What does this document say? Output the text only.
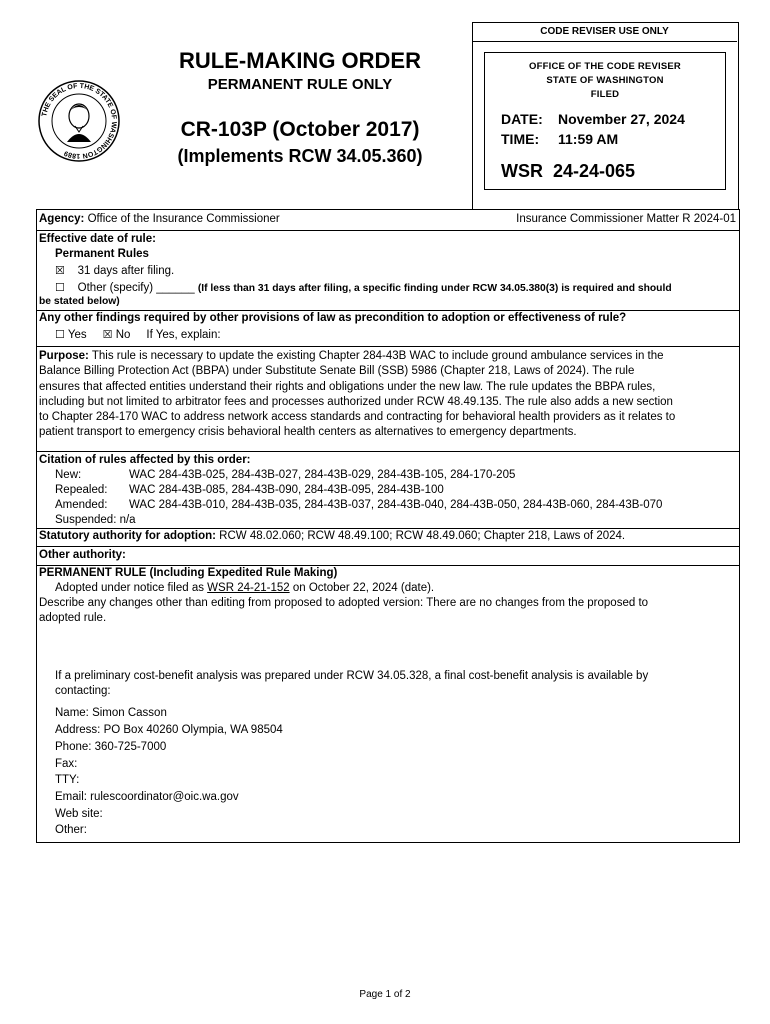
CODE REVISER USE ONLY
OFFICE OF THE CODE REVISER
STATE OF WASHINGTON
FILED
DATE: November 27, 2024
TIME: 11:59 AM
WSR  24-24-065
THE SEAL OF THE STATE OF WASHINGTON 1889
RULE-MAKING ORDER
PERMANENT RULE ONLY
CR-103P (October 2017)
(Implements RCW 34.05.360)
Agency: Office of the Insurance Commissioner	Insurance Commissioner Matter R 2024-01
Effective date of rule:
Permanent Rules
☒ 31 days after filing.
☐ Other (specify) ______ (If less than 31 days after filing, a specific finding under RCW 34.05.380(3) is required and should
be stated below)
Any other findings required by other provisions of law as precondition to adoption or effectiveness of rule?
☐ Yes ☒ No If Yes, explain:
Purpose: This rule is necessary to update the existing Chapter 284-43B WAC to include ground ambulance services in the
Balance Billing Protection Act (BBPA) under Substitute Senate Bill (SSB) 5986 (Chapter 218, Laws of 2024). The rule
ensures that affected entities understand their rights and obligations under the new law. The rule updates the BBPA rules,
including but not limited to arbitrator fees and processes authorized under RCW 48.49.135. The rule also adds a new section
to Chapter 284-170 WAC to address network access standards and contracting for behavioral health providers as it relates to
patient transport to emergency crisis behavioral health centers as alternatives to emergency departments.
Citation of rules affected by this order:
New:	WAC 284-43B-025, 284-43B-027, 284-43B-029, 284-43B-105, 284-170-205
Repealed: WAC 284-43B-085, 284-43B-090, 284-43B-095, 284-43B-100
Amended: WAC 284-43B-010, 284-43B-035, 284-43B-037, 284-43B-040, 284-43B-050, 284-43B-060, 284-43B-070
Suspended: n/a
Statutory authority for adoption: RCW 48.02.060; RCW 48.49.100; RCW 48.49.060; Chapter 218, Laws of 2024.
Other authority:
PERMANENT RULE (Including Expedited Rule Making)
Adopted under notice filed as WSR 24-21-152 on October 22, 2024 (date).
Describe any changes other than editing from proposed to adopted version: There are no changes from the proposed to
adopted rule.
If a preliminary cost-benefit analysis was prepared under RCW 34.05.328, a final cost-benefit analysis is available by
contacting:
Name: Simon Casson
Address: PO Box 40260 Olympia, WA 98504
Phone: 360-725-7000
Fax:
TTY:
Email: rulescoordinator@oic.wa.gov
Web site:
Other:
Page 1 of 2
